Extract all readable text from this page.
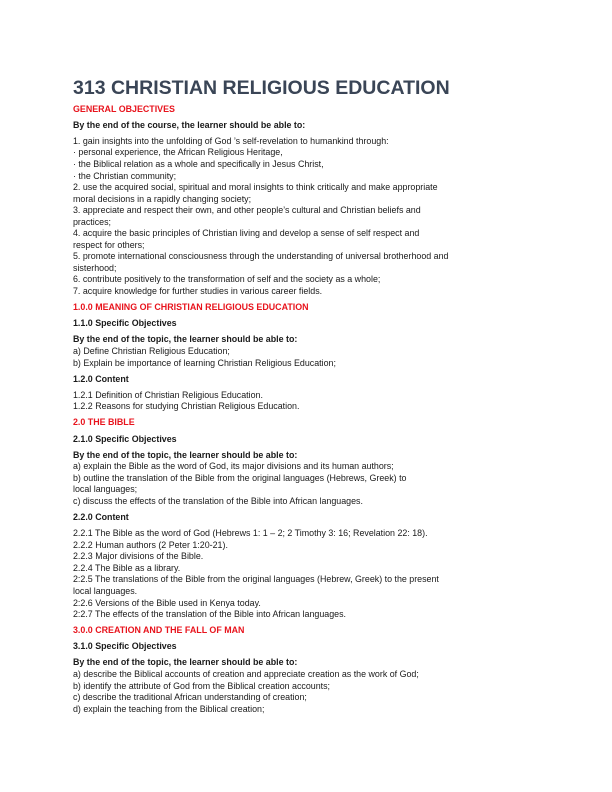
313 CHRISTIAN RELIGIOUS EDUCATION
GENERAL OBJECTIVES
By the end of the course, the learner should be able to:
1. gain insights into the unfolding of God ’s self-revelation to humankind through:
· personal experience, the African Religious Heritage,
· the Biblical relation as a whole and specifically in Jesus Christ,
· the Christian community;
2. use the acquired social, spiritual and moral insights to think critically and make appropriate
moral decisions in a rapidly changing society;
3. appreciate and respect their own, and other people’s cultural and Christian beliefs and
practices;
4. acquire the basic principles of Christian living and develop a sense of self respect and
respect for others;
5. promote international consciousness through the understanding of universal brotherhood and
sisterhood;
6. contribute positively to the transformation of self and the society as a whole;
7. acquire knowledge for further studies in various career fields.
1.0.0 MEANING OF CHRISTIAN RELIGIOUS EDUCATION
1.1.0 Specific Objectives
By the end of the topic, the learner should be able to:
a) Define Christian Religious Education;
b) Explain be importance of learning Christian Religious Education;
1.2.0 Content
1.2.1 Definition of Christian Religious Education.
1.2.2 Reasons for studying Christian Religious Education.
2.0 THE BIBLE
2.1.0 Specific Objectives
By the end of the topic, the learner should be able to:
a) explain the Bible as the word of God, its major divisions and its human authors;
b) outline the translation of the Bible from the original languages (Hebrews, Greek) to
local languages;
c) discuss the effects of the translation of the Bible into African languages.
2.2.0 Content
2.2.1 The Bible as the word of God (Hebrews 1: 1 – 2; 2 Timothy 3: 16; Revelation 22: 18).
2.2.2 Human authors (2 Peter 1:20-21).
2.2.3 Major divisions of the Bible.
2.2.4 The Bible as a library.
2:2.5 The translations of the Bible from the original languages (Hebrew, Greek) to the present
local languages.
2:2.6 Versions of the Bible used in Kenya today.
2:2.7 The effects of the translation of the Bible into African languages.
3.0.0 CREATION AND THE FALL OF MAN
3.1.0 Specific Objectives
By the end of the topic, the learner should be able to:
a) describe the Biblical accounts of creation and appreciate creation as the work of God;
b) identify the attribute of God from the Biblical creation accounts;
c) describe the traditional African understanding of creation;
d) explain the teaching from the Biblical creation;
